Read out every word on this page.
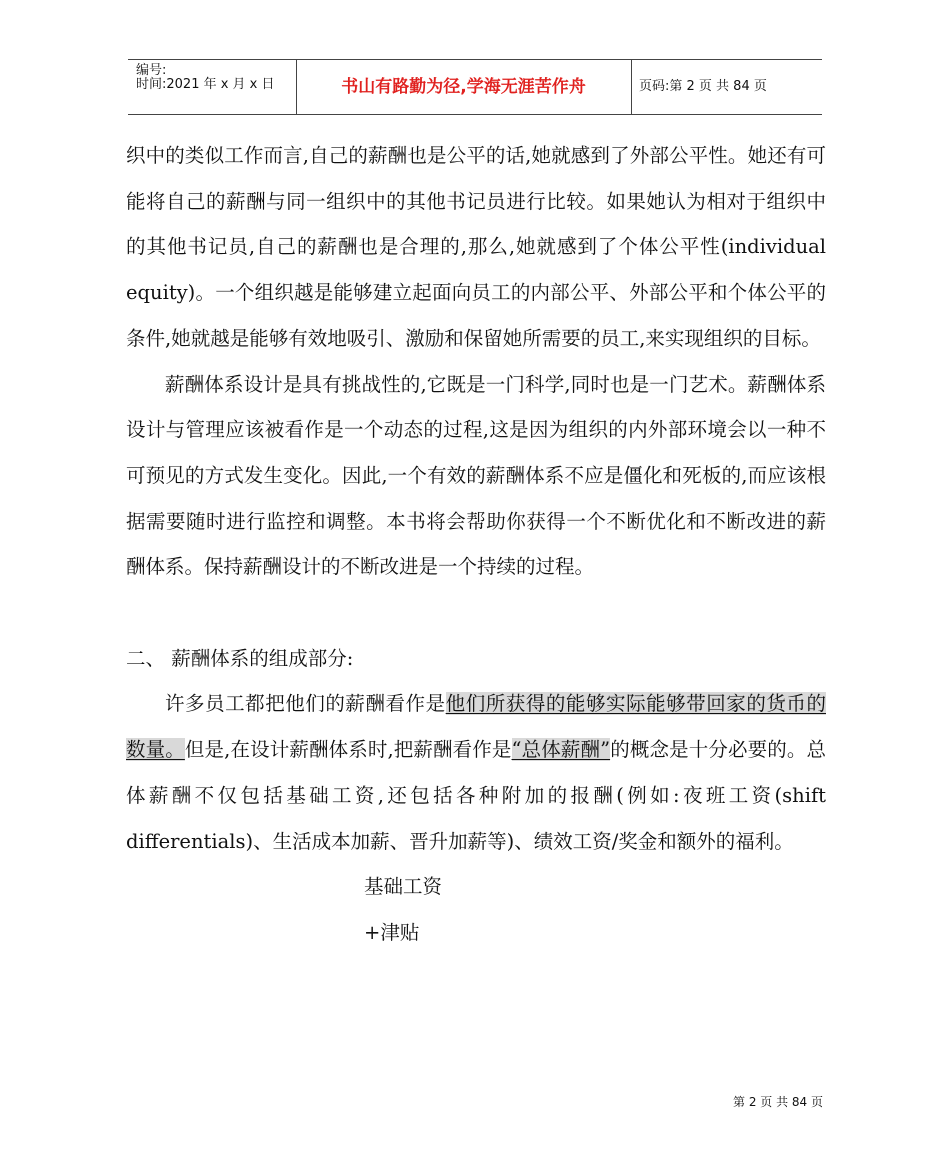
编号:
时间:2021 年 x 月 x 日	书山有路勤为径,学海无涯苦作舟	页码:第 2 页 共 84 页

织中的类似工作而言,自己的薪酬也是公平的话,她就感到了外部公平性。她还有可能将自己的薪酬与同一组织中的其他书记员进行比较。如果她认为相对于组织中的其他书记员,自己的薪酬也是合理的,那么,她就感到了个体公平性(individual equity)。一个组织越是能够建立起面向员工的内部公平、外部公平和个体公平的条件,她就越是能够有效地吸引、激励和保留她所需要的员工,来实现组织的目标。

薪酬体系设计是具有挑战性的,它既是一门科学,同时也是一门艺术。薪酬体系设计与管理应该被看作是一个动态的过程,这是因为组织的内外部环境会以一种不可预见的方式发生变化。因此,一个有效的薪酬体系不应是僵化和死板的,而应该根据需要随时进行监控和调整。本书将会帮助你获得一个不断优化和不断改进的薪酬体系。保持薪酬设计的不断改进是一个持续的过程。

二、 薪酬体系的组成部分:

许多员工都把他们的薪酬看作是他们所获得的能够实际能够带回家的货币的数量。但是,在设计薪酬体系时,把薪酬看作是“总体薪酬”的概念是十分必要的。总体薪酬不仅包括基础工资,还包括各种附加的报酬(例如:夜班工资(shift differentials)、生活成本加薪、晋升加薪等)、绩效工资/奖金和额外的福利。

基础工资

+津贴

第 2 页 共 84 页
